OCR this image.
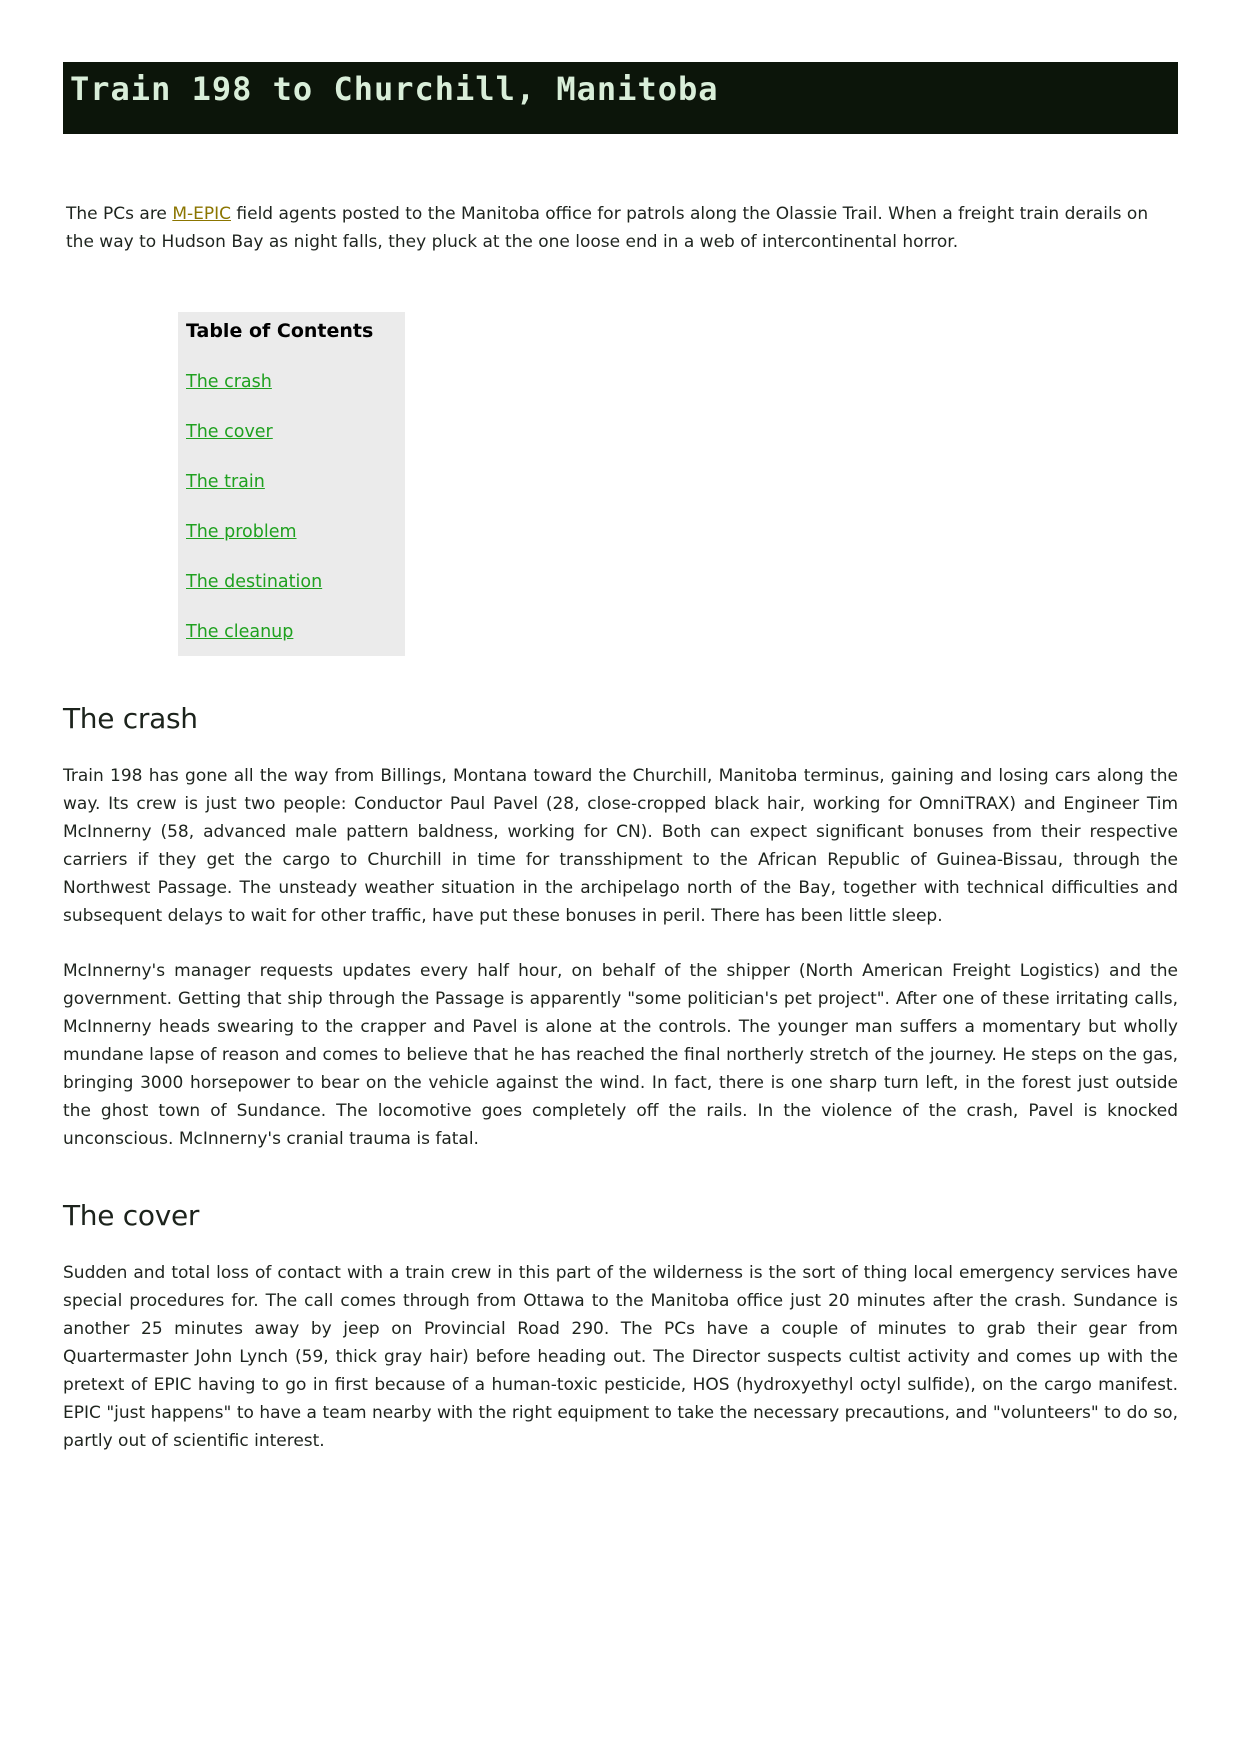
Train 198 to Churchill, Manitoba

The PCs are M-EPIC field agents posted to the Manitoba office for patrols along the Olassie Trail. When a freight train derails on the way to Hudson Bay as night falls, they pluck at the one loose end in a web of intercontinental horror.

Table of Contents
The crash
The cover
The train
The problem
The destination
The cleanup
The crash

Train 198 has gone all the way from Billings, Montana toward the Churchill, Manitoba terminus, gaining and losing cars along the way. Its crew is just two people: Conductor Paul Pavel (28, close-cropped black hair, working for OmniTRAX) and Engineer Tim McInnerny (58, advanced male pattern baldness, working for CN). Both can expect significant bonuses from their respective carriers if they get the cargo to Churchill in time for transshipment to the African Republic of Guinea-Bissau, through the Northwest Passage. The unsteady weather situation in the archipelago north of the Bay, together with technical difficulties and subsequent delays to wait for other traffic, have put these bonuses in peril. There has been little sleep.

McInnerny's manager requests updates every half hour, on behalf of the shipper (North American Freight Logistics) and the government. Getting that ship through the Passage is apparently "some politician's pet project". After one of these irritating calls, McInnerny heads swearing to the crapper and Pavel is alone at the controls. The younger man suffers a momentary but wholly mundane lapse of reason and comes to believe that he has reached the final northerly stretch of the journey. He steps on the gas, bringing 3000 horsepower to bear on the vehicle against the wind. In fact, there is one sharp turn left, in the forest just outside the ghost town of Sundance. The locomotive goes completely off the rails. In the violence of the crash, Pavel is knocked unconscious. McInnerny's cranial trauma is fatal.

The cover

Sudden and total loss of contact with a train crew in this part of the wilderness is the sort of thing local emergency services have special procedures for. The call comes through from Ottawa to the Manitoba office just 20 minutes after the crash. Sundance is another 25 minutes away by jeep on Provincial Road 290. The PCs have a couple of minutes to grab their gear from Quartermaster John Lynch (59, thick gray hair) before heading out. The Director suspects cultist activity and comes up with the pretext of EPIC having to go in first because of a human-toxic pesticide, HOS (hydroxyethyl octyl sulfide), on the cargo manifest. EPIC "just happens" to have a team nearby with the right equipment to take the necessary precautions, and "volunteers" to do so, partly out of scientific interest.
